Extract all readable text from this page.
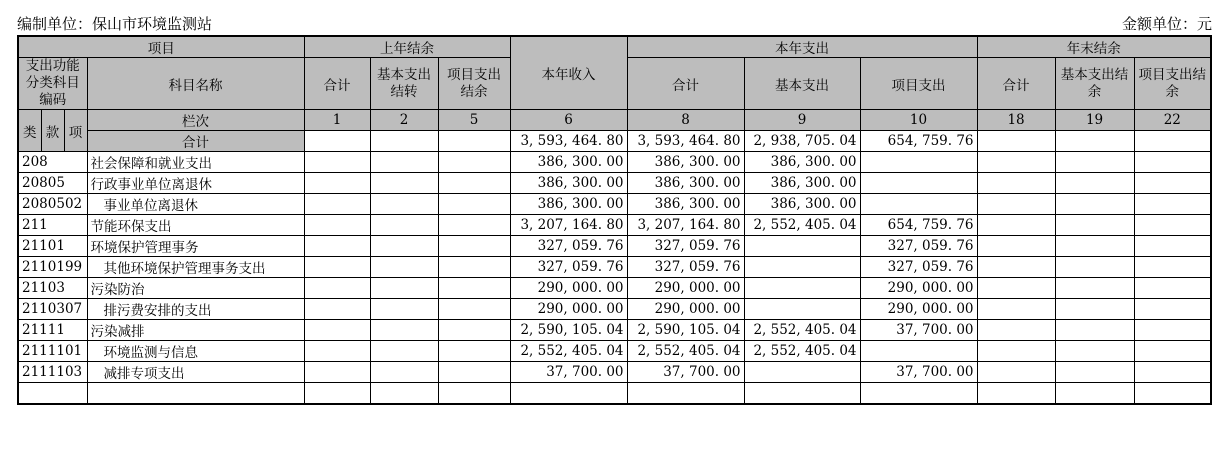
编制单位：保山市环境监测站	金额单位：元
项目				上年结余			本年收入	本年支出			年末结余		
支出功能分类科目编码			科目名称	合计	基本支出结转	项目支出结余		合计	基本支出	项目支出	合计	基本支出结余	项目支出结余
类	款	项	栏次	1	2	5	6	8	9	10	18	19	22
			合计				3, 593, 464. 80	3, 593, 464. 80	2, 938, 705. 04	654, 759. 76			
208			社会保障和就业支出				386, 300. 00	386, 300. 00	386, 300. 00				
20805			行政事业单位离退休				386, 300. 00	386, 300. 00	386, 300. 00				
2080502			事业单位离退休				386, 300. 00	386, 300. 00	386, 300. 00				
211			节能环保支出				3, 207, 164. 80	3, 207, 164. 80	2, 552, 405. 04	654, 759. 76			
21101			环境保护管理事务				327, 059. 76	327, 059. 76		327, 059. 76			
2110199			其他环境保护管理事务支出				327, 059. 76	327, 059. 76		327, 059. 76			
21103			污染防治				290, 000. 00	290, 000. 00		290, 000. 00			
2110307			排污费安排的支出				290, 000. 00	290, 000. 00		290, 000. 00			
21111			污染减排				2, 590, 105. 04	2, 590, 105. 04	2, 552, 405. 04	37, 700. 00			
2111101			环境监测与信息				2, 552, 405. 04	2, 552, 405. 04	2, 552, 405. 04				
2111103			减排专项支出				37, 700. 00	37, 700. 00		37, 700. 00			
